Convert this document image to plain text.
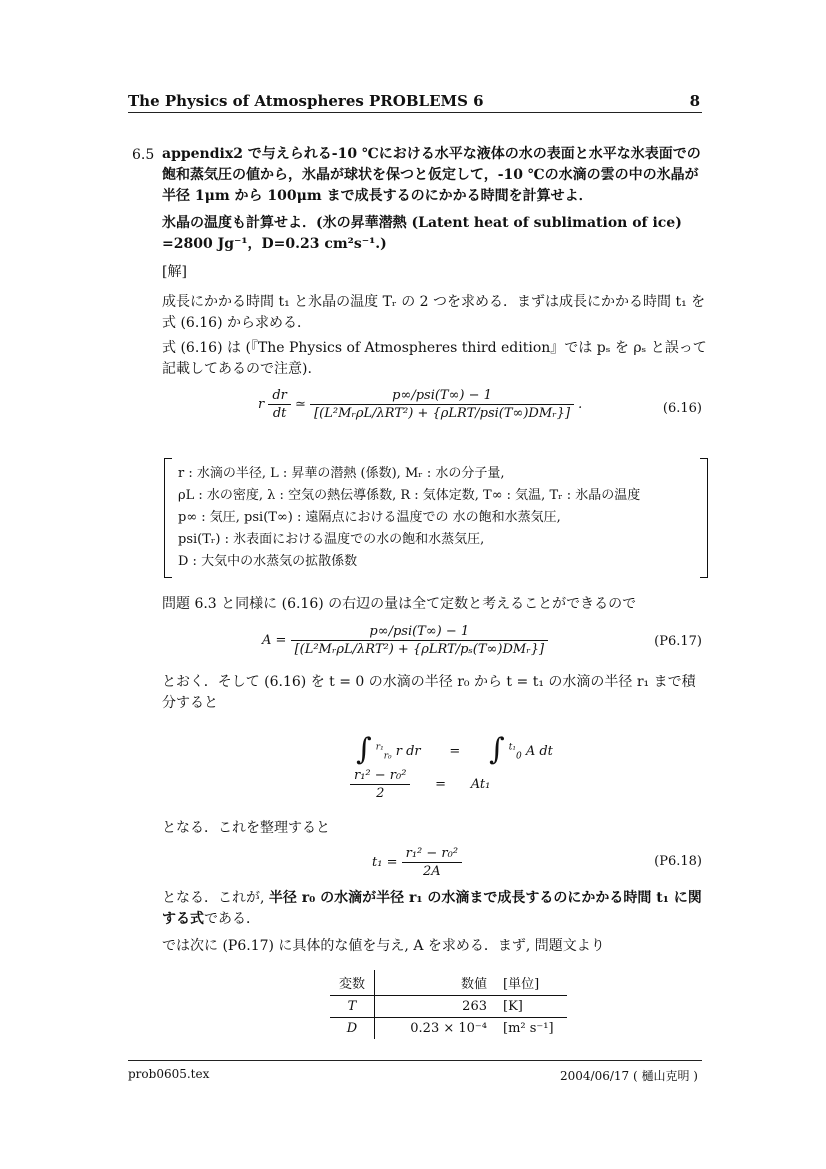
The Physics of Atmospheres PROBLEMS 6	8
6.5 appendix2 で与えられる-10 ℃における水平な液体の水の表面と水平な氷表面での飽和蒸気圧の値から，氷晶が球状を保つと仮定して，-10 ℃の水滴の雲の中の氷晶が半径 1μm から 100μm まで成長するのにかかる時間を計算せよ．
氷晶の温度も計算せよ．(氷の昇華潜熱 (Latent heat of sublimation of ice) =2800 Jg⁻¹，D=0.23 cm²s⁻¹.)
[解]
成長にかかる時間 t₁ と氷晶の温度 Tᵣ の 2 つを求める．まずは成長にかかる時間 t₁ を式 (6.16) から求める．
式 (6.16) は (『The Physics of Atmospheres third edition』では pₛ を ρₛ と誤って記載してあるので注意).
r $\frac{dr}{dt}$ ≃ $\frac{\text{p∞/psi(T∞) − 1}}{\text{[(L²MᵣρL/λRT²) + \{ρLRT/psi(T∞)DMᵣ\}]}}$ .	(6.16)
r : 水滴の半径, L : 昇華の潜熱 (係数), Mᵣ : 水の分子量,
ρL : 水の密度, λ : 空気の熱伝導係数, R : 気体定数, T∞ : 気温, Tᵣ : 氷晶の温度
p∞ : 気圧, psi(T∞) : 遠隔点における温度での 水の飽和水蒸気圧,
psi(Tᵣ) : 氷表面における温度での水の飽和水蒸気圧,
D : 大気中の水蒸気の拡散係数
問題 6.3 と同様に (6.16) の右辺の量は全て定数と考えることができるので
$A = \frac{\text{p∞/psi(T∞) − 1}}{\text{[(L²MᵣρL/λRT²) + \{ρLRT/pₛ(T∞)DMᵣ\}]}}$	(P6.17)
とおく．そして (6.16) を t = 0 の水滴の半径 r₀ から t = t₁ の水滴の半径 r₁ まで積分すると
∫ $^{r_1}_{r_0}$ r dr = ∫ $^{t_1}_0$ A dt
$\frac{\text{r₁² − r₀²}}{2} = At_1$
となる．これを整理すると
$t_1 = \frac{\text{r₁² − r₀²}}{2A}$	(P6.18)
となる．これが, 半径 r₀ の水滴が半径 r₁ の水滴まで成長するのにかかる時間 t₁ に関する式である．
では次に (P6.17) に具体的な値を与え, A を求める．まず, 問題文より
変数	数値	[単位]
T	263	[K]
D	0.23 × 10⁻⁴	[m² s⁻¹]
prob0605.tex	2004/06/17 ( 樋山克明 )
